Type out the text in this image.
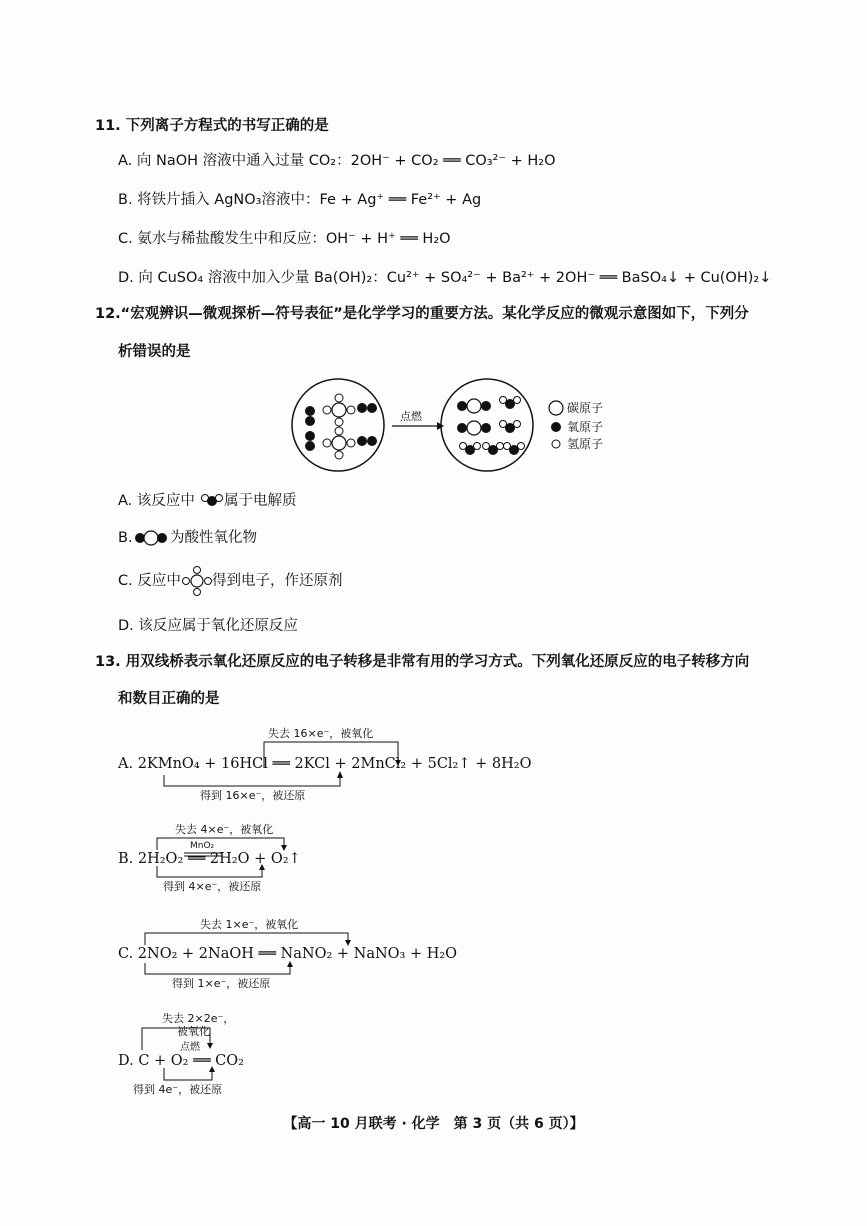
11. 下列离子方程式的书写正确的是
A. 向 NaOH 溶液中通入过量 CO₂：2OH⁻ + CO₂ ══ CO₃²⁻ + H₂O
B. 将铁片插入 AgNO₃溶液中：Fe + Ag⁺ ══ Fe²⁺ + Ag
C. 氨水与稀盐酸发生中和反应：OH⁻ + H⁺ ══ H₂O
D. 向 CuSO₄ 溶液中加入少量 Ba(OH)₂：Cu²⁺ + SO₄²⁻ + Ba²⁺ + 2OH⁻ ══ BaSO₄↓ + Cu(OH)₂↓
12.“宏观辨识—微观探析—符号表征”是化学学习的重要方法。某化学反应的微观示意图如下，下列分
析错误的是
点燃
碳原子
氧原子
氢原子
A. 该反应中 属于电解质
B.	为酸性氧化物
C. 反应中 得到电子，作还原剂
D. 该反应属于氧化还原反应
13. 用双线桥表示氧化还原反应的电子转移是非常有用的学习方式。下列氧化还原反应的电子转移方向
和数目正确的是
失去 16×e⁻，被氧化
A. 2KMnO₄ + 16HCl ══ 2KCl + 2MnCl₂ + 5Cl₂↑ + 8H₂O
得到 16×e⁻，被还原
失去 4×e⁻，被氧化
MnO₂
B. 2H₂O₂ ══ 2H₂O + O₂↑
得到 4×e⁻，被还原
失去 1×e⁻，被氧化
C. 2NO₂ + 2NaOH ══ NaNO₂ + NaNO₃ + H₂O
得到 1×e⁻，被还原
失去 2×2e⁻，
被氧化
点燃
D. C + O₂ ══ CO₂
得到 4e⁻，被还原
【高一 10 月联考 · 化学　第 3 页（共 6 页）】
